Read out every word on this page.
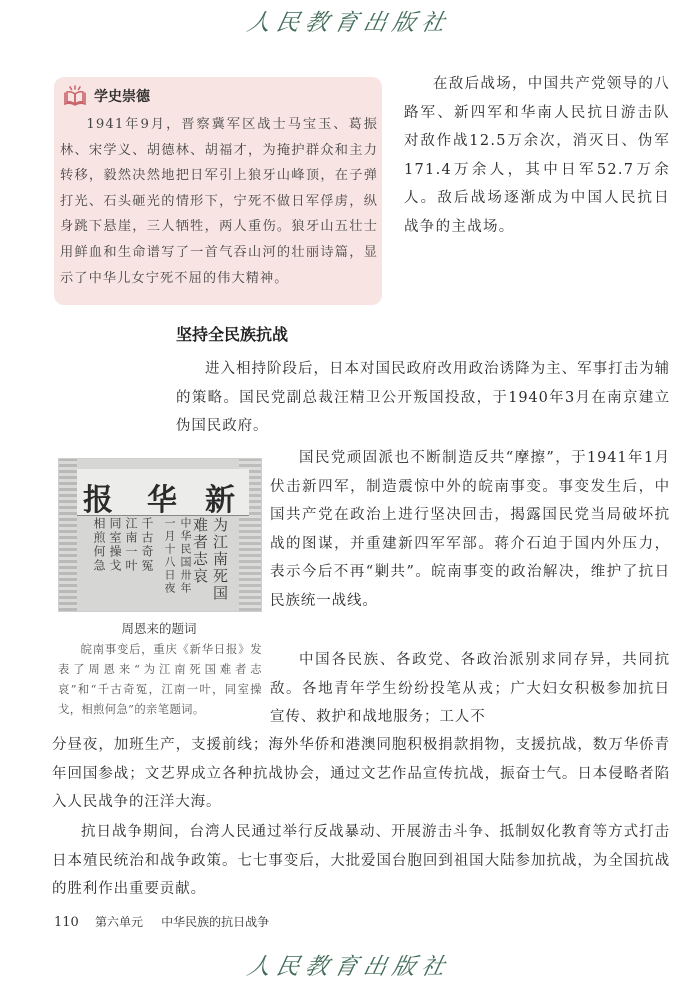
人民教育出版社
学史崇德

1941年9月，晋察冀军区战士马宝玉、葛振林、宋学义、胡德林、胡福才，为掩护群众和主力转移，毅然决然地把日军引上狼牙山峰顶，在子弹打光、石头砸光的情形下，宁死不做日军俘虏，纵身跳下悬崖，三人牺牲，两人重伤。狼牙山五壮士用鲜血和生命谱写了一首气吞山河的壮丽诗篇，显示了中华儿女宁死不屈的伟大精神。

在敌后战场，中国共产党领导的八路军、新四军和华南人民抗日游击队对敌作战12.5万余次，消灭日、伪军171.4万余人，其中日军52.7万余人。敌后战场逐渐成为中国人民抗日战争的主战场。

坚持全民族抗战

进入相持阶段后，日本对国民政府改用政治诱降为主、军事打击为辅的策略。国民党副总裁汪精卫公开叛国投敌，于1940年3月在南京建立伪国民政府。

报 华 新
为江南死国
难者志哀
中华民国卅年
一月十八日夜
千古奇冤
江南一叶
同室操戈
相煎何急
周恩来的题词

皖南事变后，重庆《新华日报》发表了周恩来“为江南死国难者志哀”和“千古奇冤，江南一叶，同室操戈，相煎何急”的亲笔题词。

国民党顽固派也不断制造反共“摩擦”，于1941年1月伏击新四军，制造震惊中外的皖南事变。事变发生后，中国共产党在政治上进行坚决回击，揭露国民党当局破坏抗战的图谋，并重建新四军军部。蒋介石迫于国内外压力，表示今后不再“剿共”。皖南事变的政治解决，维护了抗日民族统一战线。

中国各民族、各政党、各政治派别求同存异，共同抗敌。各地青年学生纷纷投笔从戎；广大妇女积极参加抗日宣传、救护和战地服务；工人不

分昼夜，加班生产，支援前线；海外华侨和港澳同胞积极捐款捐物，支援抗战，数万华侨青年回国参战；文艺界成立各种抗战协会，通过文艺作品宣传抗战，振奋士气。日本侵略者陷入人民战争的汪洋大海。

抗日战争期间，台湾人民通过举行反战暴动、开展游击斗争、抵制奴化教育等方式打击日本殖民统治和战争政策。七七事变后，大批爱国台胞回到祖国大陆参加抗战，为全国抗战的胜利作出重要贡献。

110 第六单元 中华民族的抗日战争
人民教育出版社
